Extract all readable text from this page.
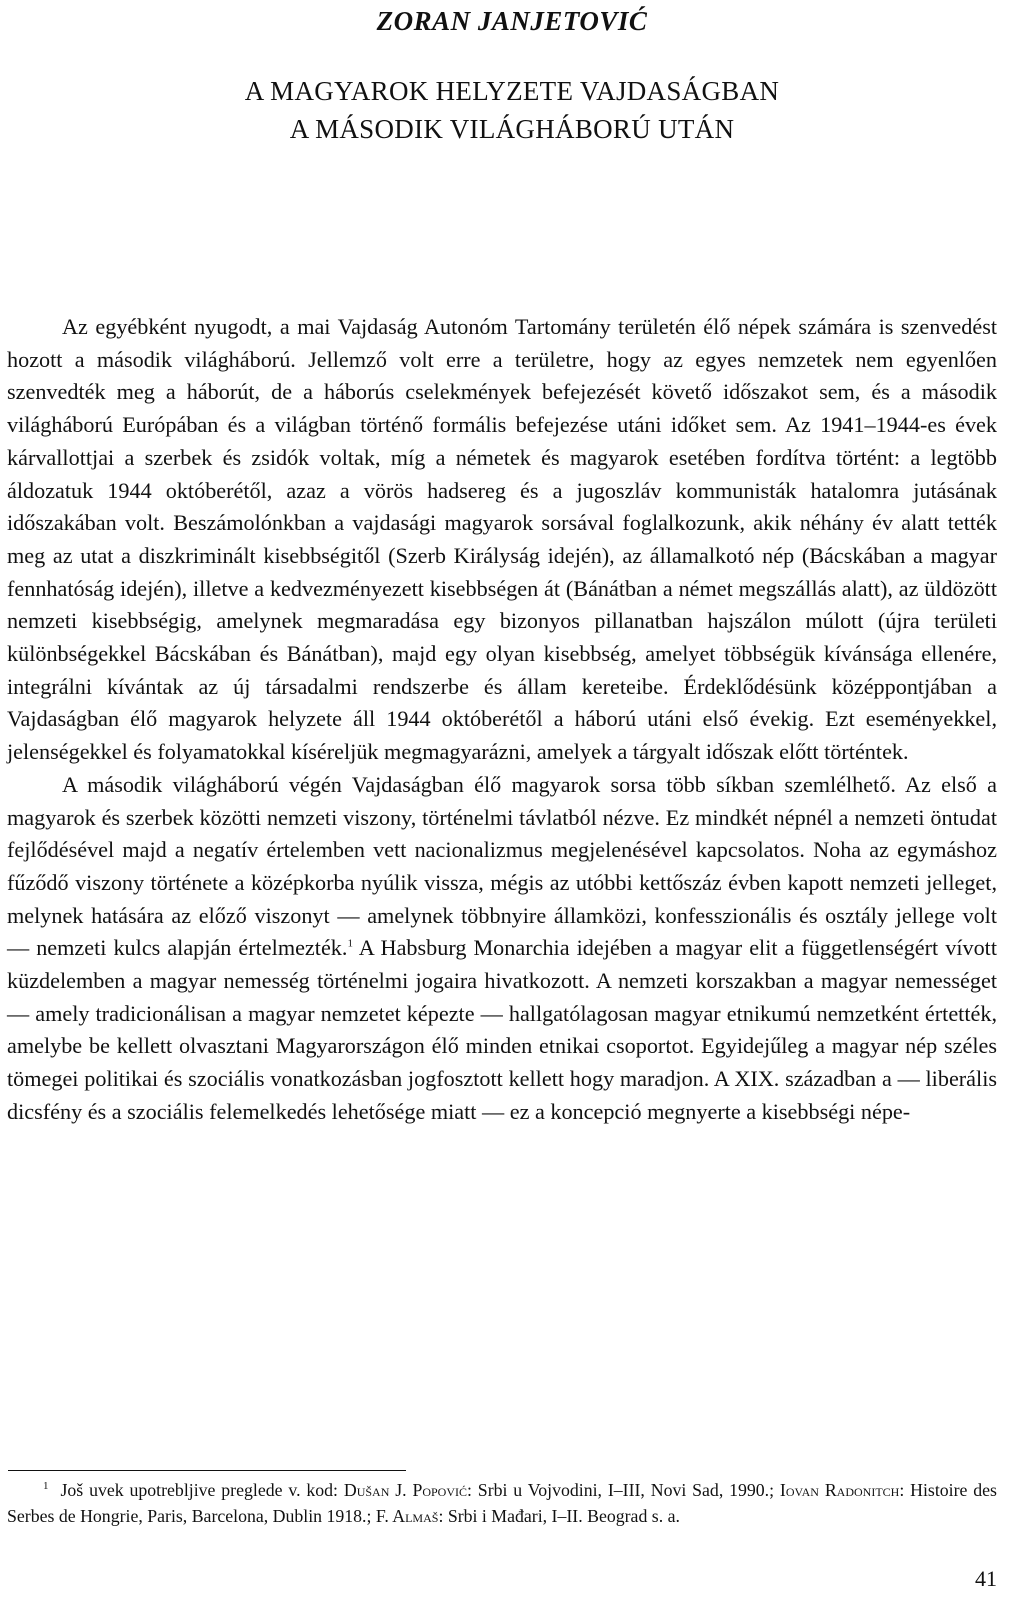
ZORAN JANJETOVIĆ
A MAGYAROK HELYZETE VAJDASÁGBAN
A MÁSODIK VILÁGHÁBORÚ UTÁN

Az egyébként nyugodt, a mai Vajdaság Autonóm Tartomány területén élő népek számára is szenvedést hozott a második világháború. Jellemző volt erre a területre, hogy az egyes nemzetek nem egyenlően szenvedték meg a háborút, de a háborús cselekmények befejezését követő időszakot sem, és a második világháború Európában és a világban történő formális befejezése utáni időket sem. Az 1941–1944-es évek kárvallottjai a szerbek és zsidók voltak, míg a németek és magyarok esetében fordítva történt: a legtöbb áldozatuk 1944 októberétől, azaz a vörös hadsereg és a jugoszláv kommunisták hatalomra jutásának időszakában volt. Beszámolónkban a vajdasági magyarok sorsával foglalkozunk, akik néhány év alatt tették meg az utat a diszkriminált kisebbségitől (Szerb Királyság idején), az államalkotó nép (Bácskában a magyar fennhatóság idején), illetve a kedvezményezett kisebbségen át (Bánátban a német megszállás alatt), az üldözött nemzeti kisebbségig, amelynek megmaradása egy bizonyos pillanatban hajszálon múlott (újra területi különbségekkel Bácskában és Bánátban), majd egy olyan kisebbség, amelyet többségük kívánsága ellenére, integrálni kívántak az új társadalmi rendszerbe és állam kereteibe. Érdeklődésünk középpontjában a Vajdaságban élő magyarok helyzete áll 1944 októberétől a háború utáni első évekig. Ezt eseményekkel, jelenségekkel és folyamatokkal kíséreljük megmagyarázni, amelyek a tárgyalt időszak előtt történtek.

A második világháború végén Vajdaságban élő magyarok sorsa több síkban szemlélhető. Az első a magyarok és szerbek közötti nemzeti viszony, történelmi távlatból nézve. Ez mindkét népnél a nemzeti öntudat fejlődésével majd a negatív értelemben vett nacionalizmus megjelenésével kapcsolatos. Noha az egymáshoz fűződő viszony története a középkorba nyúlik vissza, mégis az utóbbi kettőszáz évben kapott nemzeti jelleget, melynek hatására az előző viszonyt — amelynek többnyire államközi, konfesszionális és osztály jellege volt — nemzeti kulcs alapján értelmezték.$^1$ A Habsburg Monarchia idejében a magyar elit a függetlenségért vívott küzdelemben a magyar nemesség történelmi jogaira hivatkozott. A nemzeti korszakban a magyar nemességet — amely tradicionálisan a magyar nemzetet képezte — hallgatólagosan magyar etnikumú nemzetként értették, amelybe be kellett olvasztani Magyarországon élő minden etnikai csoportot. Egyidejűleg a magyar nép széles tömegei politikai és szociális vonatkozásban jogfosztott kellett hogy maradjon. A XIX. században a — liberális dicsfény és a szociális felemelkedés lehetősége miatt — ez a koncepció megnyerte a kisebbségi népe-

$^1$ Još uvek upotrebljive preglede v. kod: Dušan J. Popović: Srbi u Vojvodini, I–III, Novi Sad, 1990.; Iovan Radonitch: Histoire des Serbes de Hongrie, Paris, Barcelona, Dublin 1918.; F. Almaš: Srbi i Mađari, I–II. Beograd s. a.

41
